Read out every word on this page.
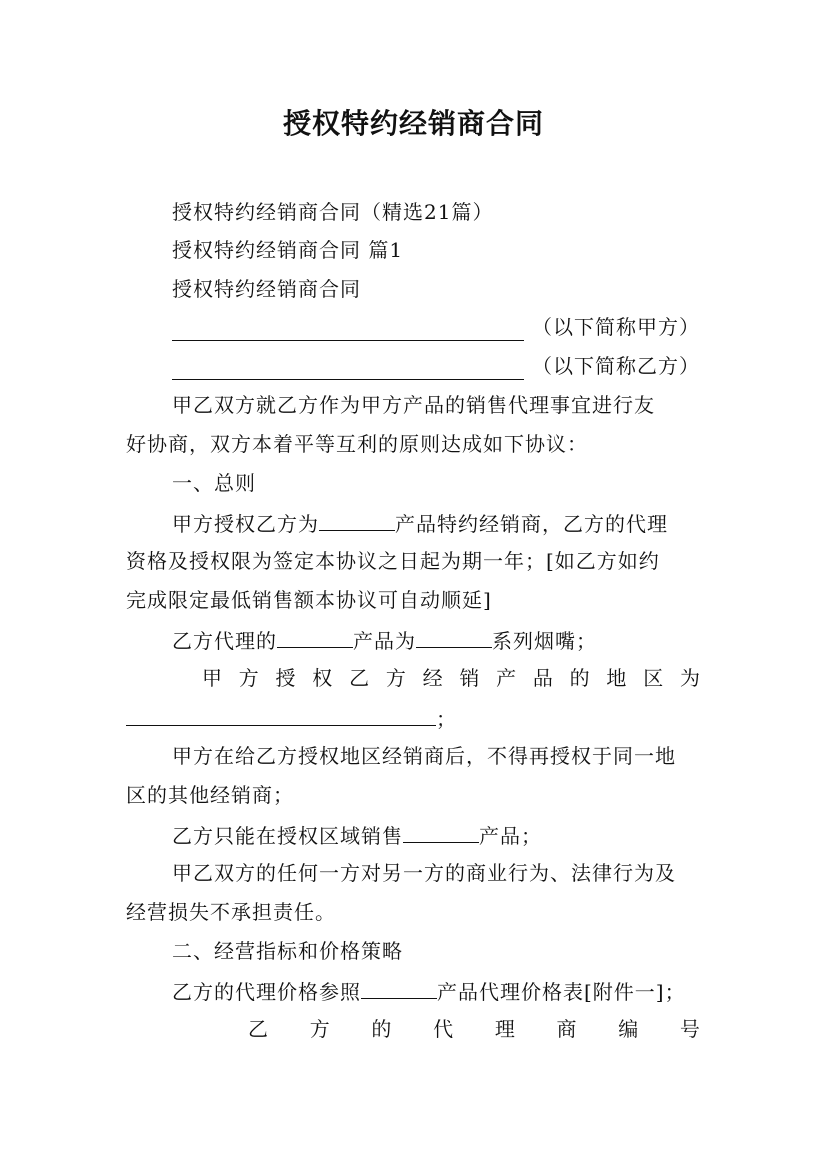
授权特约经销商合同
授权特约经销商合同（精选21篇）
授权特约经销商合同 篇1
授权特约经销商合同
（以下简称甲方）
（以下简称乙方）
甲乙双方就乙方作为甲方产品的销售代理事宜进行友
好协商，双方本着平等互利的原则达成如下协议：
一、总则
甲方授权乙方为	产品特约经销商，乙方的代理
资格及授权限为签定本协议之日起为期一年；[如乙方如约
完成限定最低销售额本协议可自动顺延]
乙方代理的	产品为	系列烟嘴；
甲 方 授 权 乙 方 经 销 产 品 的 地 区 为
；
甲方在给乙方授权地区经销商后，不得再授权于同一地
区的其他经销商；
乙方只能在授权区域销售	产品；
甲乙双方的任何一方对另一方的商业行为、法律行为及
经营损失不承担责任。
二、经营指标和价格策略
乙方的代理价格参照	产品代理价格表[附件一]；
乙 方 的 代 理 商 编 号
